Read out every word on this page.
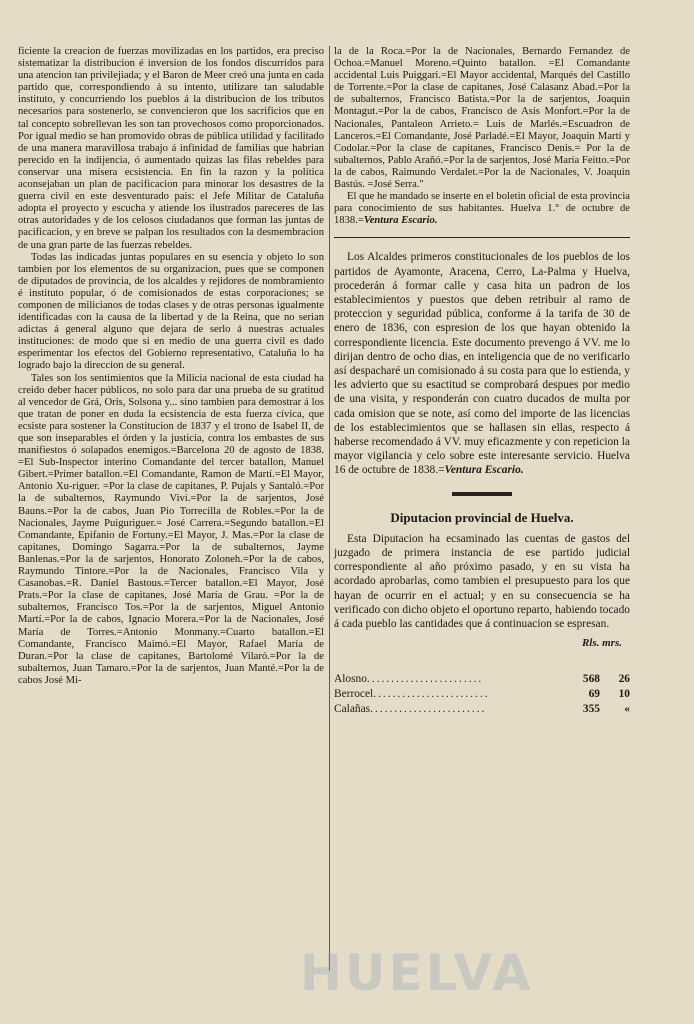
ficiente la creacion de fuerzas movilizadas en los partidos, era preciso sistematizar la distribucion é inversion de los fondos discurridos para una atencion tan privilejiada; y el Baron de Meer creó una junta en cada partido que, correspondiendo á su intento, utilizare tan saludable instituto, y concurriendo los pueblos á la distribucion de los tributos necesarios para sostenerlo, se convencieron que los sacrificios que en tal concepto sobrellevan les son tan provechosos como proporcionados. Por igual medio se han promovido obras de pública utilidad y facilitado de una manera maravillosa trabajo á infinidad de familias que habrian perecido en la indijencia, ó aumentado quizas las filas rebeldes para conservar una mísera ecsistencia. En fin la razon y la política aconsejaban un plan de pacificacion para minorar los desastres de la guerra civil en este desventurado pais: el Jefe Militar de Cataluña adopta el proyecto y escucha y atiende los ilustrados pareceres de las otras autoridades y de los celosos ciudadanos que forman las juntas de pacificacion, y en breve se palpan los resultados con la desmembracion de una gran parte de las fuerzas rebeldes.

Todas las indicadas juntas populares en su esencia y objeto lo son tambien por los elementos de su organizacion, pues que se componen de diputados de provincia, de los alcaldes y rejidores de nombramiento é instituto popular, ó de comisionados de estas corporaciones; se componen de milicianos de todas clases y de otras personas igualmente identificadas con la causa de la libertad y de la Reina, que no serian adictas á general alguno que dejara de serlo á nuestras actuales instituciones: de modo que si en medio de una guerra civil es dado esperimentar los efectos del Gobierno representativo, Cataluña lo ha logrado bajo la direccion de su general.

Tales son los sentimientos que la Milicia nacional de esta ciudad ha creido deber hacer públicos, no solo para dar una prueba de su gratitud al vencedor de Grá, Oris, Solsona y... sino tambien para demostrar á los que tratan de poner en duda la ecsistencia de esta fuerza cívica, que ecsiste para sostener la Constitucion de 1837 y el trono de Isabel II, de que son inseparables el órden y la justicia, contra los embastes de sus manifiestos ó solapados enemigos.=Barcelona 20 de agosto de 1838. =El Sub-Inspector interino Comandante del tercer batallon, Manuel Gibert.=Primer batallon.=El Comandante, Ramon de Martí.=El Mayor, Antonio Xu-riguer. =Por la clase de capitanes, P. Pujals y Santaló.=Por la de subalternos, Raymundo Viví.=Por la de sarjentos, José Bauns.=Por la de cabos, Juan Pio Torrecilla de Robles.=Por la de Nacionales, Jayme Puiguriguer.= José Carrera.=Segundo batallon.=El Comandante, Epifanio de Fortuny.=El Mayor, J. Mas.=Por la clase de capitanes, Domingo Sagarra.=Por la de subalternos, Jayme Banlenas.=Por la de sarjentos, Honorato Zoloneh.=Por la de cabos, Raymundo Tintore.=Por la de Nacionales, Francisco Vila y Casanobas.=R. Daniel Bastous.=Tercer batallon.=El Mayor, José Prats.=Por la clase de capitanes, José María de Grau. =Por la de subalternos, Francisco Tos.=Por la de sarjentos, Miguel Antonio Martí.=Por la de cabos, Ignacio Morera.=Por la de Nacionales, José María de Torres.=Antonio Monmany.=Cuarto batallon.=El Comandante, Francisco Maimó.=El Mayor, Rafael María de Duran.=Por la clase de capitanes, Bartolomé Vilaró.=Por la de subalternos, Juan Tamaro.=Por la de sarjentos, Juan Manté.=Por la de cabos José Mi-

la de la Roca.=Por la de Nacionales, Bernardo Fernandez de Ochoa.=Manuel Moreno.=Quinto batallon. =El Comandante accidental Luis Puiggari.=El Mayor accidental, Marqués del Castillo de Torrente.=Por la clase de capitanes, José Calasanz Abad.=Por la de subalternos, Francisco Batista.=Por la de sarjentos, Joaquin Montagut.=Por la de cabos, Francisco de Asís Monfort.=Por la de Nacionales, Pantaleon Arrieto.= Luis de Marlés.=Escuadron de Lanceros.=El Comandante, José Parladé.=El Mayor, Joaquin Martí y Codolar.=Por la clase de capitanes, Francisco Denis.= Por la de subalternos, Pablo Arañó.=Por la de sarjentos, José María Feitto.=Por la de cabos, Raimundo Verdalet.=Por la de Nacionales, V. Joaquin Bastús. =José Serra."

El que he mandado se inserte en el boletin oficial de esta provincia para conocimiento de sus habitantes. Huelva 1.° de octubre de 1838.=Ventura Escario.

Los Alcaldes primeros constitucionales de los pueblos de los partidos de Ayamonte, Aracena, Cerro, La-Palma y Huelva, procederán á formar calle y casa hita un padron de los establecimientos y puestos que deben retribuir al ramo de proteccion y seguridad pública, conforme á la tarifa de 30 de enero de 1836, con espresion de los que hayan obtenido la correspondiente licencia. Este documento prevengo á VV. me lo dirijan dentro de ocho dias, en inteligencia que de no verificarlo así despacharé un comisionado á su costa para que lo estienda, y les advierto que su esactitud se comprobará despues por medio de una visita, y responderán con cuatro ducados de multa por cada omision que se note, así como del importe de las licencias de los establecimientos que se hallasen sin ellas, respecto á haberse recomendado á VV. muy eficazmente y con repeticion la mayor vigilancia y celo sobre este interesante servicio. Huelva 16 de octubre de 1838.=Ventura Escario.

Diputacion provincial de Huelva.

Esta Diputacion ha ecsaminado las cuentas de gastos del juzgado de primera instancia de ese partido judicial correspondiente al año próximo pasado, y en su vista ha acordado aprobarlas, como tambien el presupuesto para los que hayan de ocurrir en el actual; y en su consecuencia se ha verificado con dicho objeto el oportuno reparto, habiendo tocado á cada pueblo las cantidades que á continuacion se espresan.

Rls. mrs.
Alosno........................	568	26
Berrocel........................	69	10
Calañas........................	355	«
HUELVA
